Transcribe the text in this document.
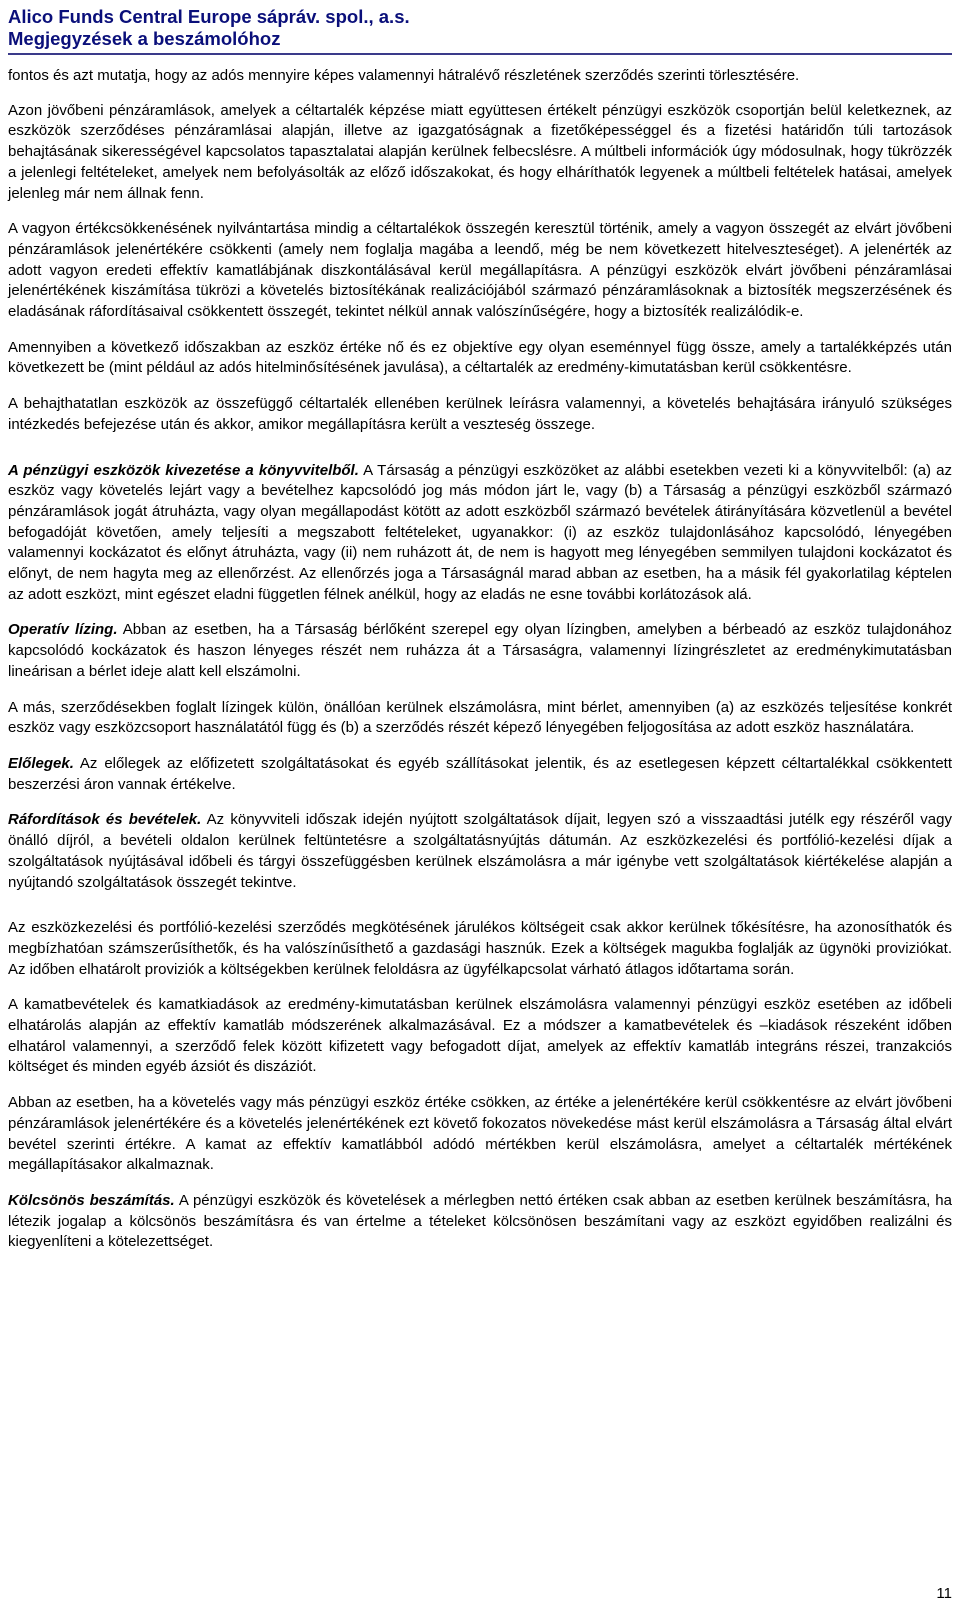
Alico Funds Central Europe sápráv. spol., a.s.
Megjegyzések a beszámolóhoz

fontos és azt mutatja, hogy az adós mennyire képes valamennyi hátralévő részletének szerződés szerinti törlesztésére.

Azon jövőbeni pénzáramlások, amelyek a céltartalék képzése miatt együttesen értékelt pénzügyi eszközök csoportján belül keletkeznek, az eszközök szerződéses pénzáramlásai alapján, illetve az igazgatóságnak a fizetőképességgel és a fizetési határidőn túli tartozások behajtásának sikerességével kapcsolatos tapasztalatai alapján kerülnek felbecslésre. A múltbeli információk úgy módosulnak, hogy tükrözzék a jelenlegi feltételeket, amelyek nem befolyásolták az előző időszakokat, és hogy elháríthatók legyenek a múltbeli feltételek hatásai, amelyek jelenleg már nem állnak fenn.

A vagyon értékcsökkenésének nyilvántartása mindig a céltartalékok összegén keresztül történik, amely a vagyon összegét az elvárt jövőbeni pénzáramlások jelenértékére csökkenti (amely nem foglalja magába a leendő, még be nem következett hitelveszteséget). A jelenérték az adott vagyon eredeti effektív kamatlábjának diszkontálásával kerül megállapításra. A pénzügyi eszközök elvárt jövőbeni pénzáramlásai jelenértékének kiszámítása tükrözi a követelés biztosítékának realizációjából származó pénzáramlásoknak a biztosíték megszerzésének és eladásának ráfordításaival csökkentett összegét, tekintet nélkül annak valószínűségére, hogy a biztosíték realizálódik-e.

Amennyiben a következő időszakban az eszköz értéke nő és ez objektíve egy olyan eseménnyel függ össze, amely a tartalékképzés után következett be (mint például az adós hitelminősítésének javulása), a céltartalék az eredmény-kimutatásban kerül csökkentésre.

A behajthatatlan eszközök az összefüggő céltartalék ellenében kerülnek leírásra valamennyi, a követelés behajtására irányuló szükséges intézkedés befejezése után és akkor, amikor megállapításra került a veszteség összege.

A pénzügyi eszközök kivezetése a könyvvitelből. A Társaság a pénzügyi eszközöket az alábbi esetekben vezeti ki a könyvvitelből: (a) az eszköz vagy követelés lejárt vagy a bevételhez kapcsolódó jog más módon járt le, vagy (b) a Társaság a pénzügyi eszközből származó pénzáramlások jogát átruházta, vagy olyan megállapodást kötött az adott eszközből származó bevételek átirányítására közvetlenül a bevétel befogadóját követően, amely teljesíti a megszabott feltételeket, ugyanakkor: (i) az eszköz tulajdonlásához kapcsolódó, lényegében valamennyi kockázatot és előnyt átruházta, vagy (ii) nem ruházott át, de nem is hagyott meg lényegében semmilyen tulajdoni kockázatot és előnyt, de nem hagyta meg az ellenőrzést. Az ellenőrzés joga a Társaságnál marad abban az esetben, ha a másik fél gyakorlatilag képtelen az adott eszközt, mint egészet eladni független félnek anélkül, hogy az eladás ne esne további korlátozások alá.

Operatív lízing. Abban az esetben, ha a Társaság bérlőként szerepel egy olyan lízingben, amelyben a bérbeadó az eszköz tulajdonához kapcsolódó kockázatok és haszon lényeges részét nem ruházza át a Társaságra, valamennyi lízingrészletet az eredménykimutatásban lineárisan a bérlet ideje alatt kell elszámolni.

A más, szerződésekben foglalt lízingek külön, önállóan kerülnek elszámolásra, mint bérlet, amennyiben (a) az eszközés teljesítése konkrét eszköz vagy eszközcsoport használatától függ és (b) a szerződés részét képező lényegében feljogosítása az adott eszköz használatára.

Előlegek. Az előlegek az előfizetett szolgáltatásokat és egyéb szállításokat jelentik, és az esetlegesen képzett céltartalékkal csökkentett beszerzési áron vannak értékelve.

Ráfordítások és bevételek. Az könyvviteli időszak idején nyújtott szolgáltatások díjait, legyen szó a visszaadtási jutélk egy részéről vagy önálló díjról, a bevételi oldalon kerülnek feltüntetésre a szolgáltatásnyújtás dátumán. Az eszközkezelési és portfólió-kezelési díjak a szolgáltatások nyújtásával időbeli és tárgyi összefüggésben kerülnek elszámolásra a már igénybe vett szolgáltatások kiértékelése alapján a nyújtandó szolgáltatások összegét tekintve.

Az eszközkezelési és portfólió-kezelési szerződés megkötésének járulékos költségeit csak akkor kerülnek tőkésítésre, ha azonosíthatók és megbízhatóan számszerűsíthetők, és ha valószínűsíthető a gazdasági hasznúk. Ezek a költségek magukba foglalják az ügynöki proviziókat. Az időben elhatárolt proviziók a költségekben kerülnek feloldásra az ügyfélkapcsolat várható átlagos időtartama során.

A kamatbevételek és kamatkiadások az eredmény-kimutatásban kerülnek elszámolásra valamennyi pénzügyi eszköz esetében az időbeli elhatárolás alapján az effektív kamatláb módszerének alkalmazásával. Ez a módszer a kamatbevételek és –kiadások részeként időben elhatárol valamennyi, a szerződő felek között kifizetett vagy befogadott díjat, amelyek az effektív kamatláb integráns részei, tranzakciós költséget és minden egyéb ázsiót és diszáziót.

Abban az esetben, ha a követelés vagy más pénzügyi eszköz értéke csökken, az értéke a jelenértékére kerül csökkentésre az elvárt jövőbeni pénzáramlások jelenértékére és a követelés jelenértékének ezt követő fokozatos növekedése mást kerül elszámolásra a Társaság által elvárt bevétel szerinti értékre. A kamat az effektív kamatlábból adódó mértékben kerül elszámolásra, amelyet a céltartalék mértékének megállapításakor alkalmaznak.

Kölcsönös beszámítás. A pénzügyi eszközök és követelések a mérlegben nettó értéken csak abban az esetben kerülnek beszámításra, ha létezik jogalap a kölcsönös beszámításra és van értelme a tételeket kölcsönösen beszámítani vagy az eszközt egyidőben realizálni és kiegyenlíteni a kötelezettséget.

11
